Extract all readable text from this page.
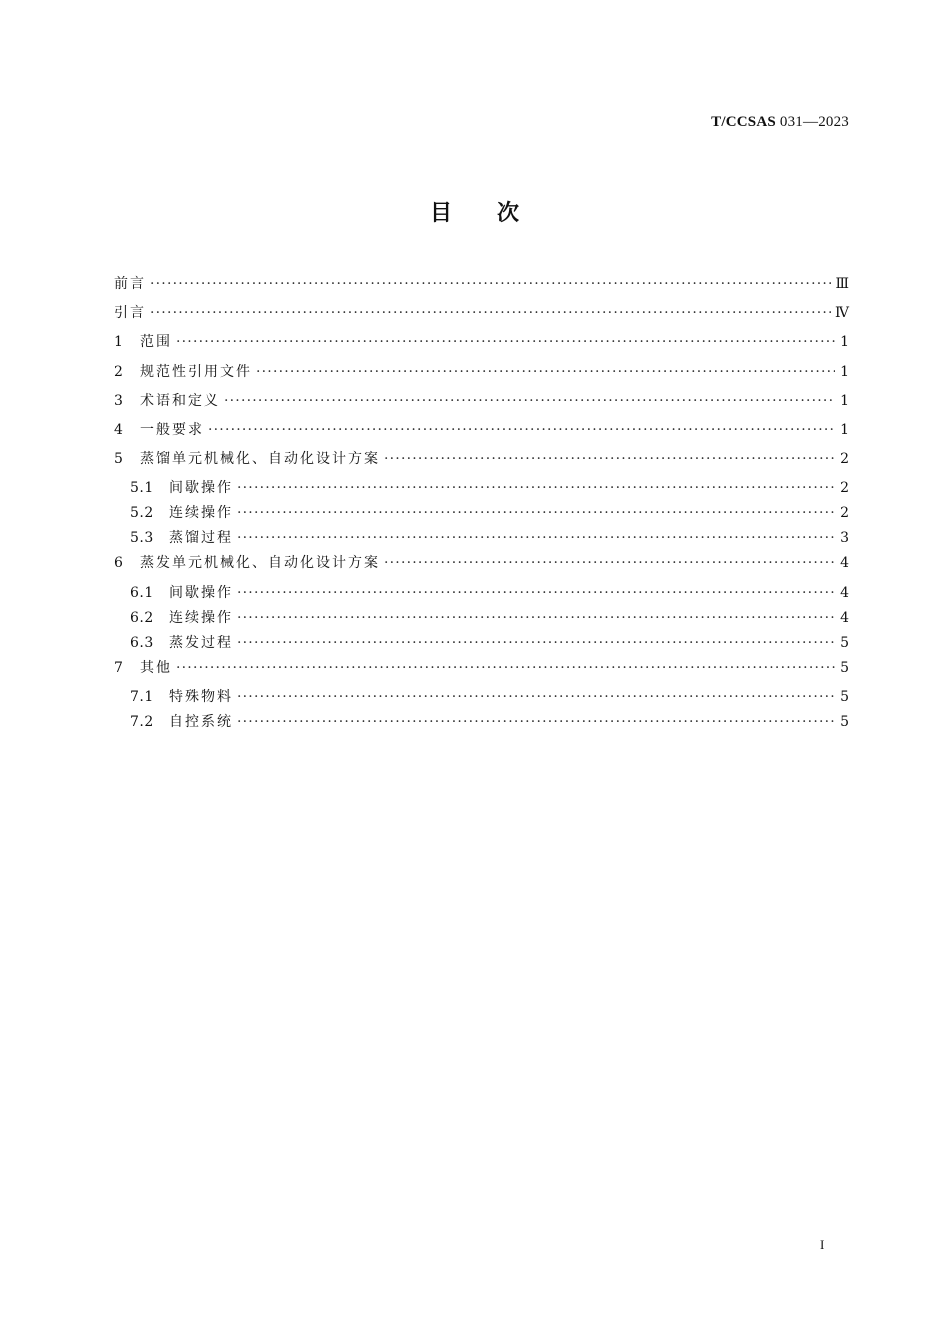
T/CCSAS 031—2023
目 次
前言 ·····	Ⅲ
引言 ·····	Ⅳ
1	范围 ·····	1
2	规范性引用文件 ·····	1
3	术语和定义 ·····	1
4	一般要求 ·····	1
5	蒸馏单元机械化、自动化设计方案 ·····	2
5.1	间歇操作 ·····	2
5.2	连续操作 ·····	2
5.3	蒸馏过程 ·····	3
6	蒸发单元机械化、自动化设计方案 ·····	4
6.1	间歇操作 ·····	4
6.2	连续操作 ·····	4
6.3	蒸发过程 ·····	5
7	其他 ·····	5
7.1	特殊物料 ·····	5
7.2	自控系统 ·····	5
I
